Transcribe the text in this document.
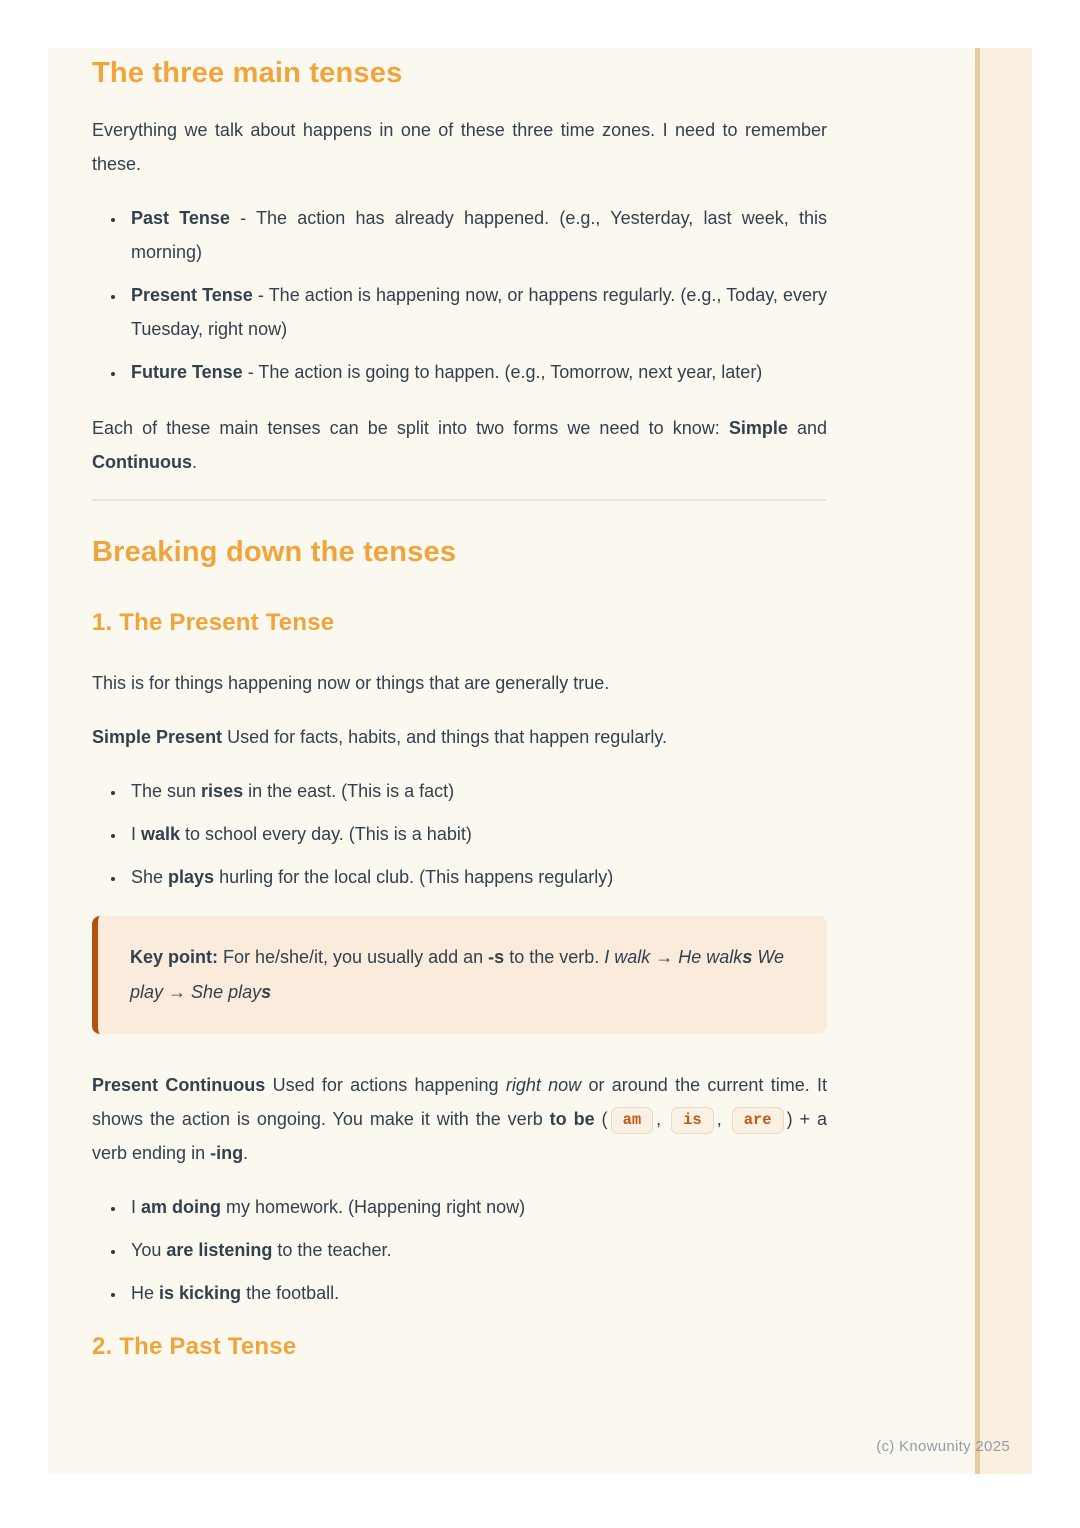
The three main tenses

Everything we talk about happens in one of these three time zones. I need to remember these.

• Past Tense - The action has already happened. (e.g., Yesterday, last week, this morning)
• Present Tense - The action is happening now, or happens regularly. (e.g., Today, every Tuesday, right now)
• Future Tense - The action is going to happen. (e.g., Tomorrow, next year, later)

Each of these main tenses can be split into two forms we need to know: Simple and Continuous.

Breaking down the tenses
1. The Present Tense

This is for things happening now or things that are generally true.

Simple Present Used for facts, habits, and things that happen regularly.

• The sun rises in the east. (This is a fact)
• I walk to school every day. (This is a habit)
• She plays hurling for the local club. (This happens regularly)

Key point: For he/she/it, you usually add an -s to the verb. I walk → He walks We play → She plays

Present Continuous Used for actions happening right now or around the current time. It shows the action is ongoing. You make it with the verb to be ( am , is , are ) + a verb ending in -ing.

• I am doing my homework. (Happening right now)
• You are listening to the teacher.
• He is kicking the football.
2. The Past Tense
(c) Knowunity 2025
